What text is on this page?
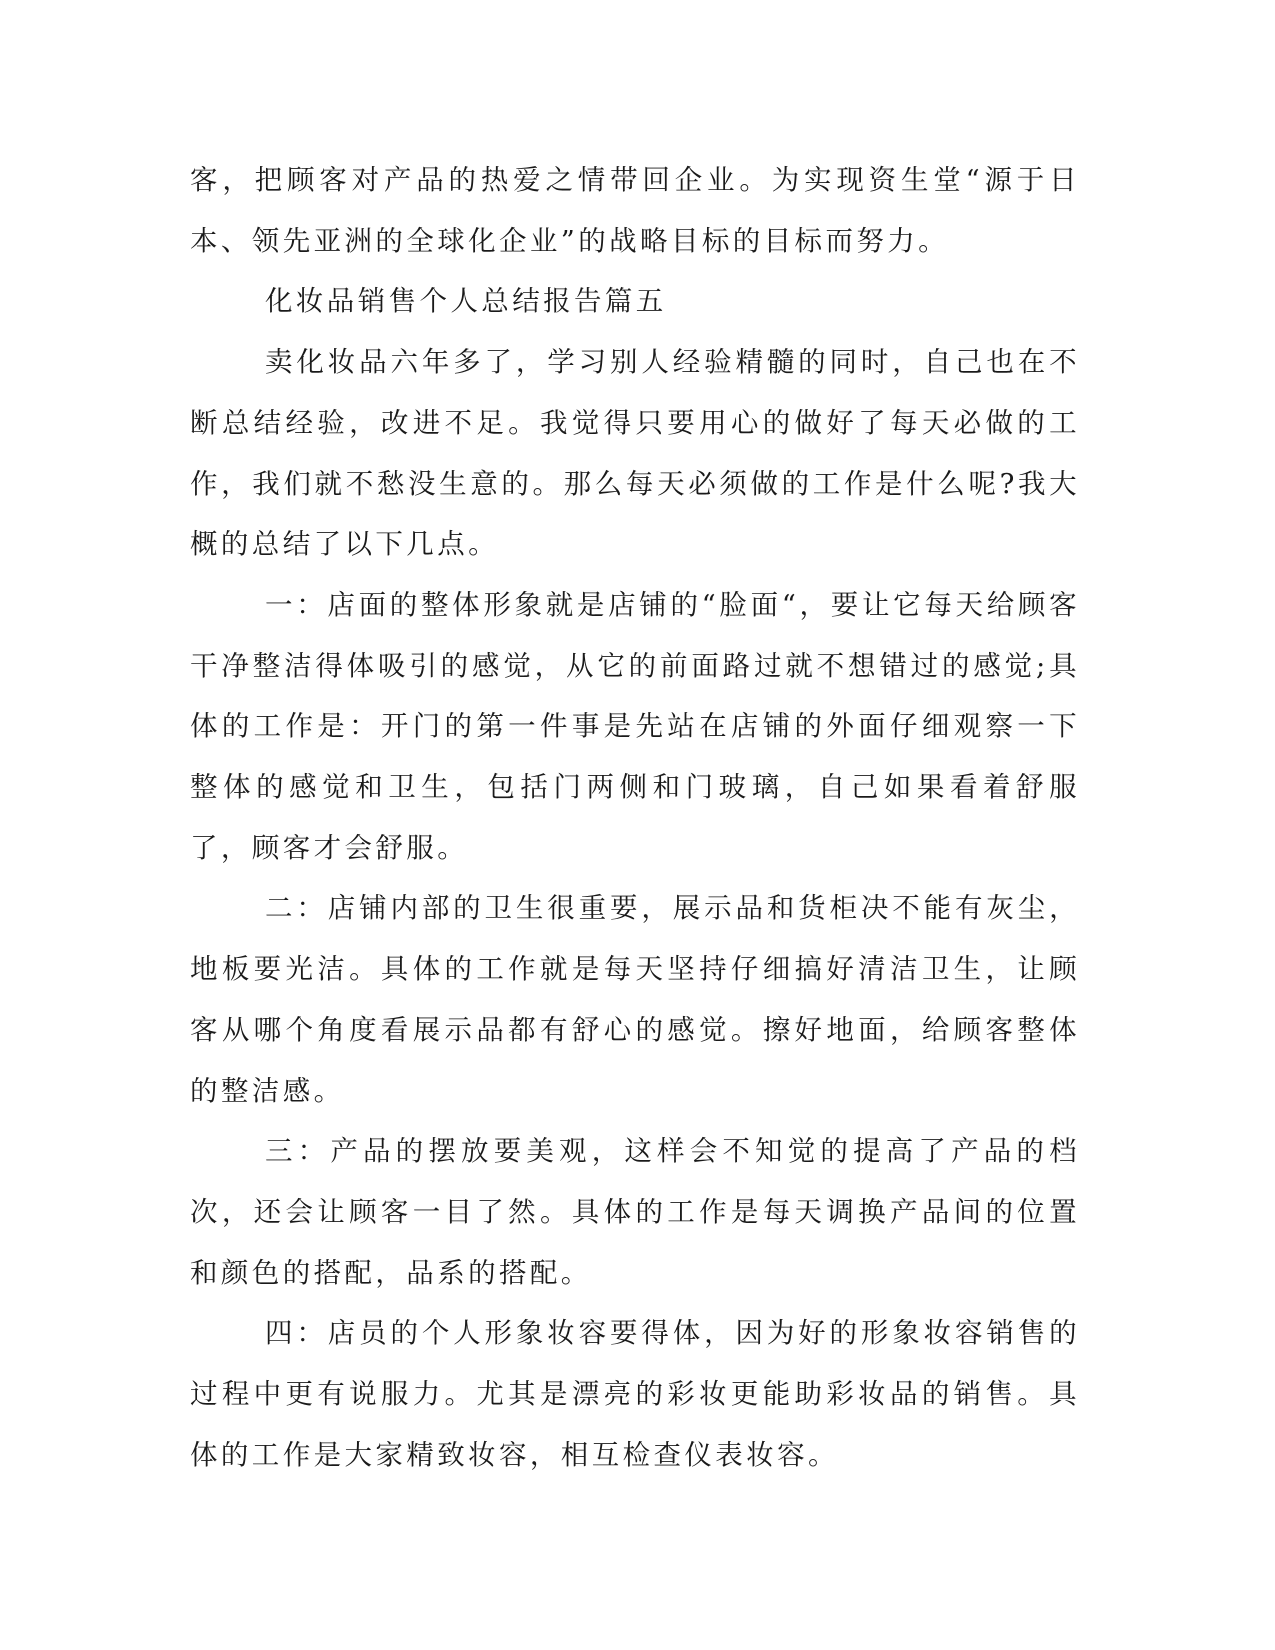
客，把顾客对产品的热爱之情带回企业。为实现资生堂“源于日本、领先亚洲的全球化企业”的战略目标的目标而努力。

化妆品销售个人总结报告篇五

卖化妆品六年多了，学习别人经验精髓的同时，自己也在不断总结经验，改进不足。我觉得只要用心的做好了每天必做的工作，我们就不愁没生意的。那么每天必须做的工作是什么呢?我大概的总结了以下几点。

一：店面的整体形象就是店铺的“脸面“，要让它每天给顾客干净整洁得体吸引的感觉，从它的前面路过就不想错过的感觉;具体的工作是：开门的第一件事是先站在店铺的外面仔细观察一下整体的感觉和卫生，包括门两侧和门玻璃，自己如果看着舒服了，顾客才会舒服。

二：店铺内部的卫生很重要，展示品和货柜决不能有灰尘，地板要光洁。具体的工作就是每天坚持仔细搞好清洁卫生，让顾客从哪个角度看展示品都有舒心的感觉。擦好地面，给顾客整体的整洁感。

三：产品的摆放要美观，这样会不知觉的提高了产品的档次，还会让顾客一目了然。具体的工作是每天调换产品间的位置和颜色的搭配，品系的搭配。

四：店员的个人形象妆容要得体，因为好的形象妆容销售的过程中更有说服力。尤其是漂亮的彩妆更能助彩妆品的销售。具体的工作是大家精致妆容，相互检查仪表妆容。
